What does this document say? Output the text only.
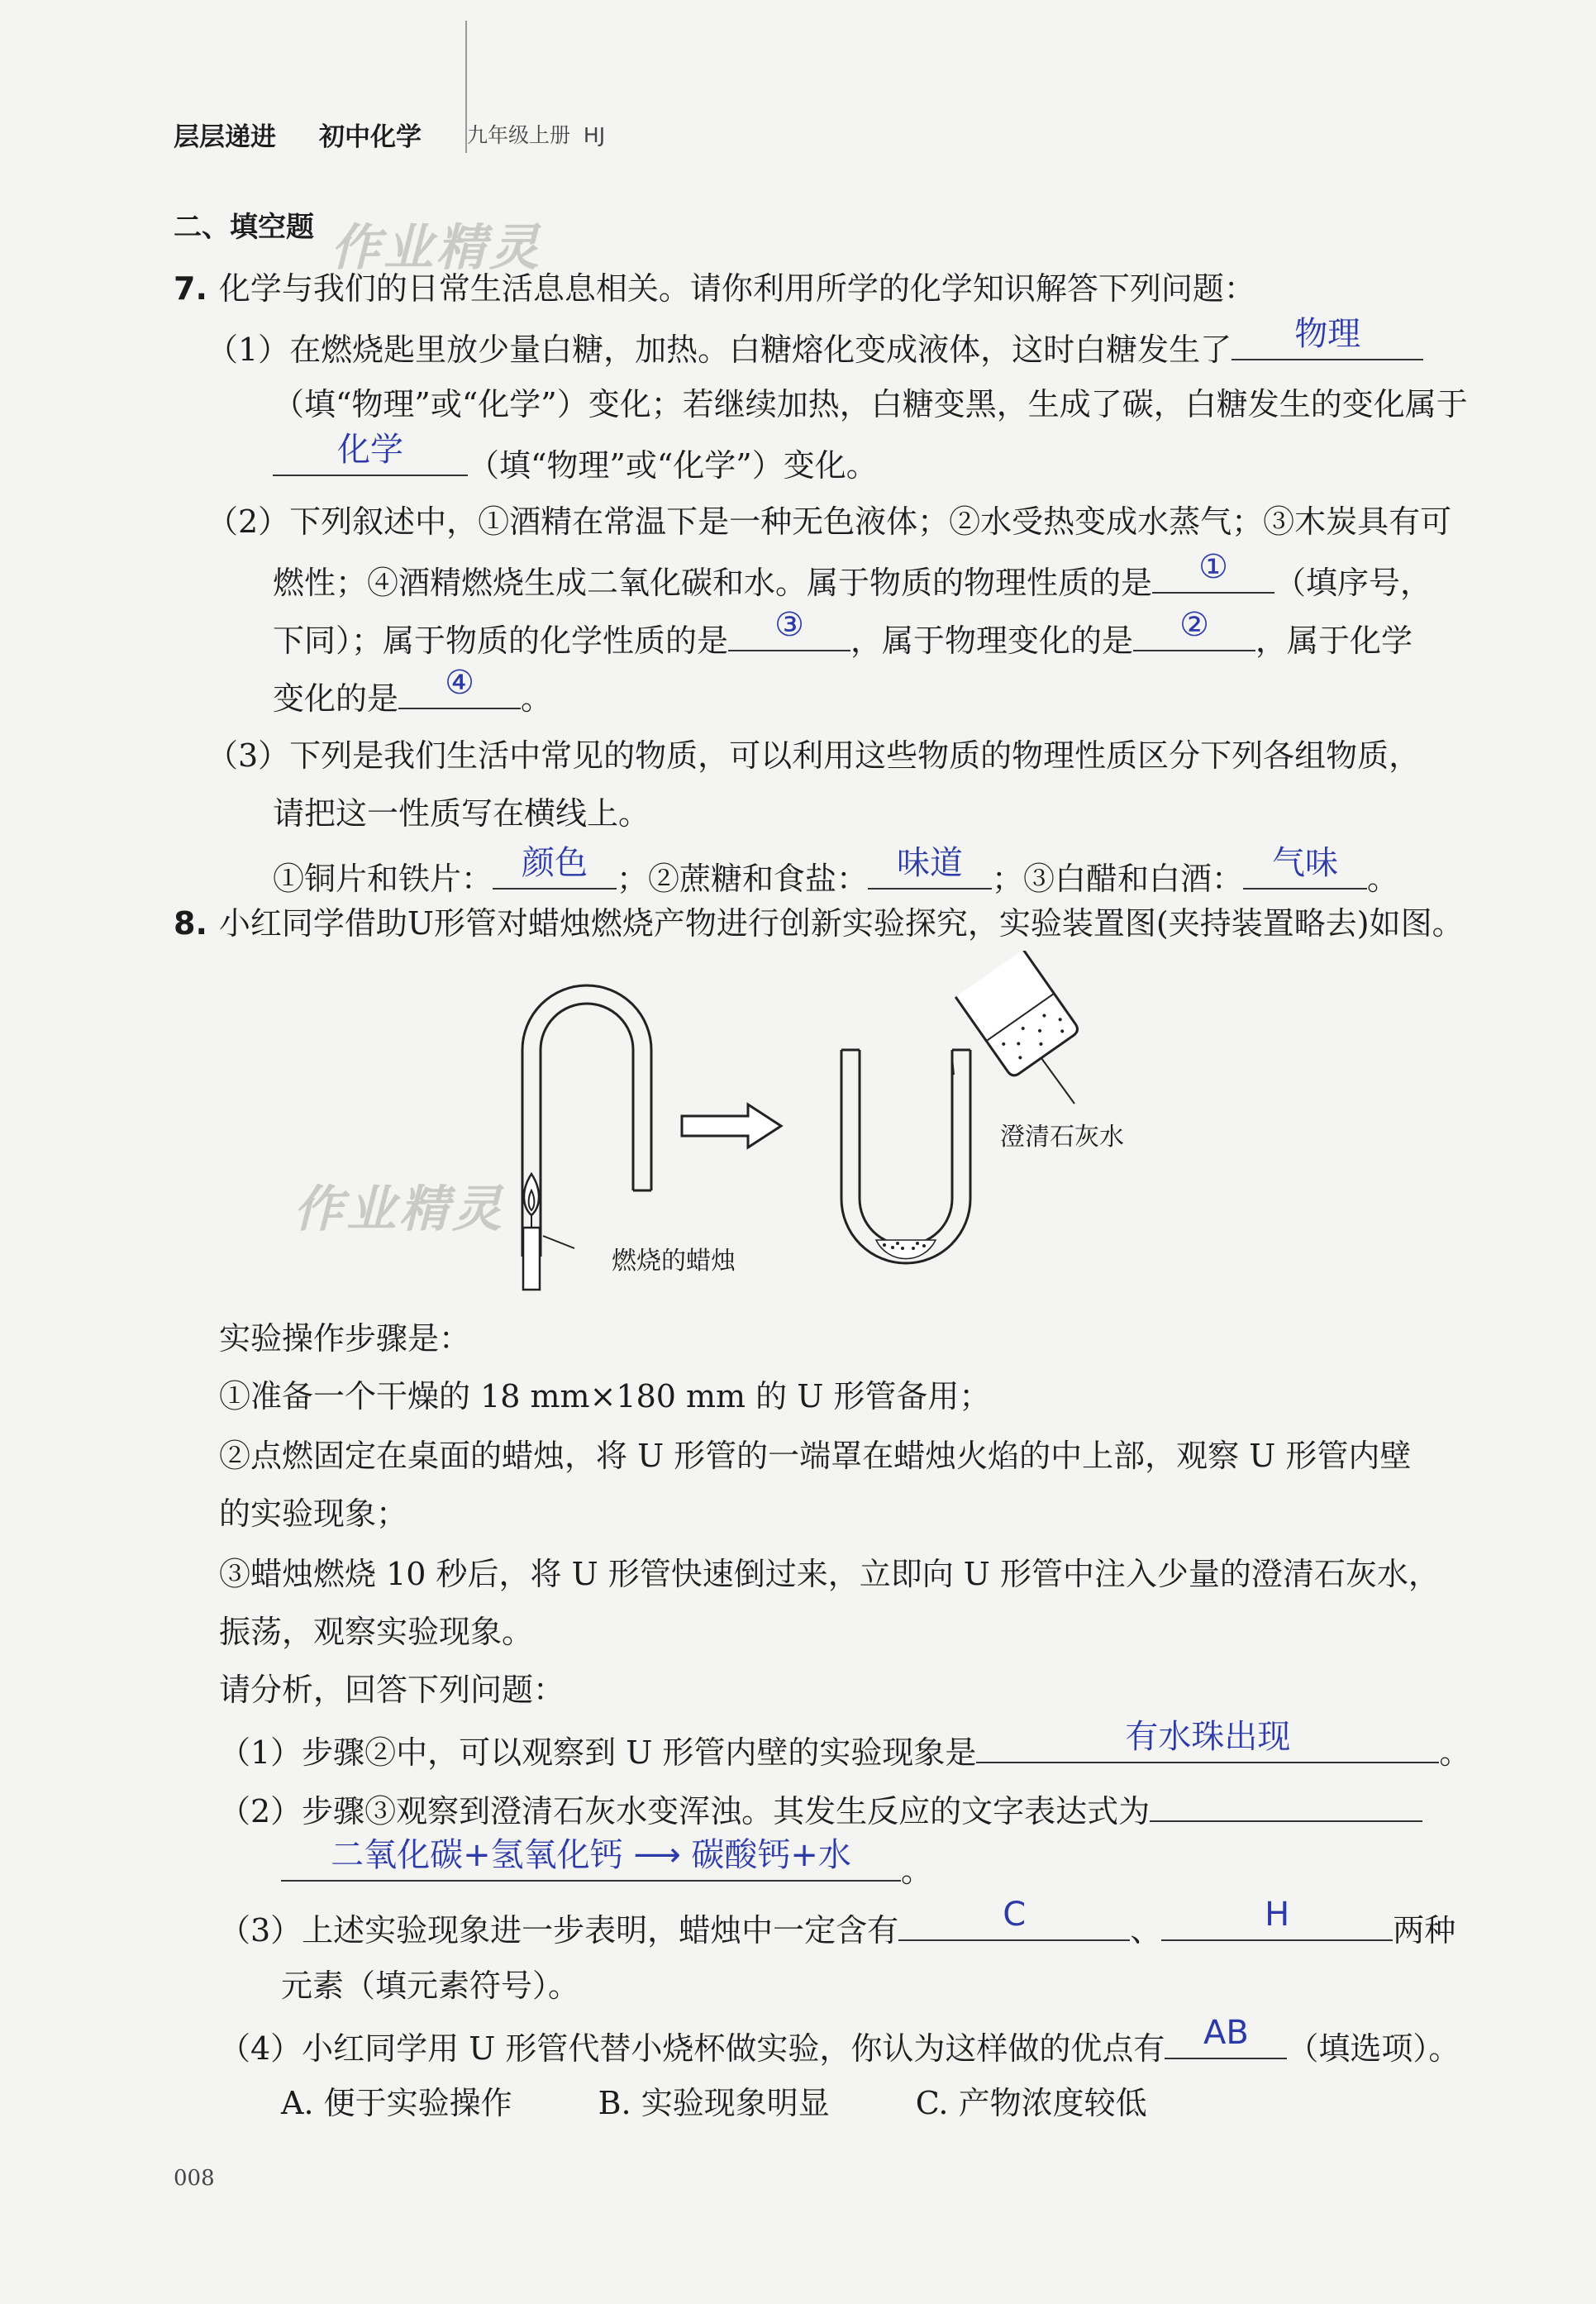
层层递进 初中化学 九年级上册 HJ
二、填空题 作业精灵
7. 化学与我们的日常生活息息相关。请你利用所学的化学知识解答下列问题：
（1）在燃烧匙里放少量白糖，加热。白糖熔化变成液体，这时白糖发生了	物理
（填“物理”或“化学”）变化；若继续加热，白糖变黑，生成了碳，白糖发生的变化属于
化学	（填“物理”或“化学”）变化。
（2）下列叙述中，①酒精在常温下是一种无色液体；②水受热变成水蒸气；③木炭具有可
燃性；④酒精燃烧生成二氧化碳和水。属于物质的物理性质的是	①	（填序号，
下同）；属于物质的化学性质的是	③	，属于物理变化的是	②	，属于化学
变化的是	④	。
（3）下列是我们生活中常见的物质，可以利用这些物质的物理性质区分下列各组物质，
请把这一性质写在横线上。
①铜片和铁片： 颜色 ；②蔗糖和食盐： 味道 ；③白醋和白酒： 气味 。
8. 小红同学借助U形管对蜡烛燃烧产物进行创新实验探究，实验装置图(夹持装置略去)如图。
澄清石灰水
燃烧的蜡烛
作业精灵
实验操作步骤是：
①准备一个干燥的 18 mm×180 mm 的 U 形管备用；
②点燃固定在桌面的蜡烛，将 U 形管的一端罩在蜡烛火焰的中上部，观察 U 形管内壁
的实验现象；
③蜡烛燃烧 10 秒后，将 U 形管快速倒过来，立即向 U 形管中注入少量的澄清石灰水，
振荡，观察实验现象。
请分析，回答下列问题：
（1）步骤②中，可以观察到 U 形管内壁的实验现象是	有水珠出现	。
（2）步骤③观察到澄清石灰水变浑浊。其发生反应的文字表达式为
二氧化碳+氢氧化钙 ⟶ 碳酸钙+水	。
（3）上述实验现象进一步表明，蜡烛中一定含有	C	、	H	两种
元素（填元素符号）。
（4）小红同学用 U 形管代替小烧杯做实验，你认为这样做的优点有	AB	（填选项）。
A. 便于实验操作	B. 实验现象明显	C. 产物浓度较低
008
